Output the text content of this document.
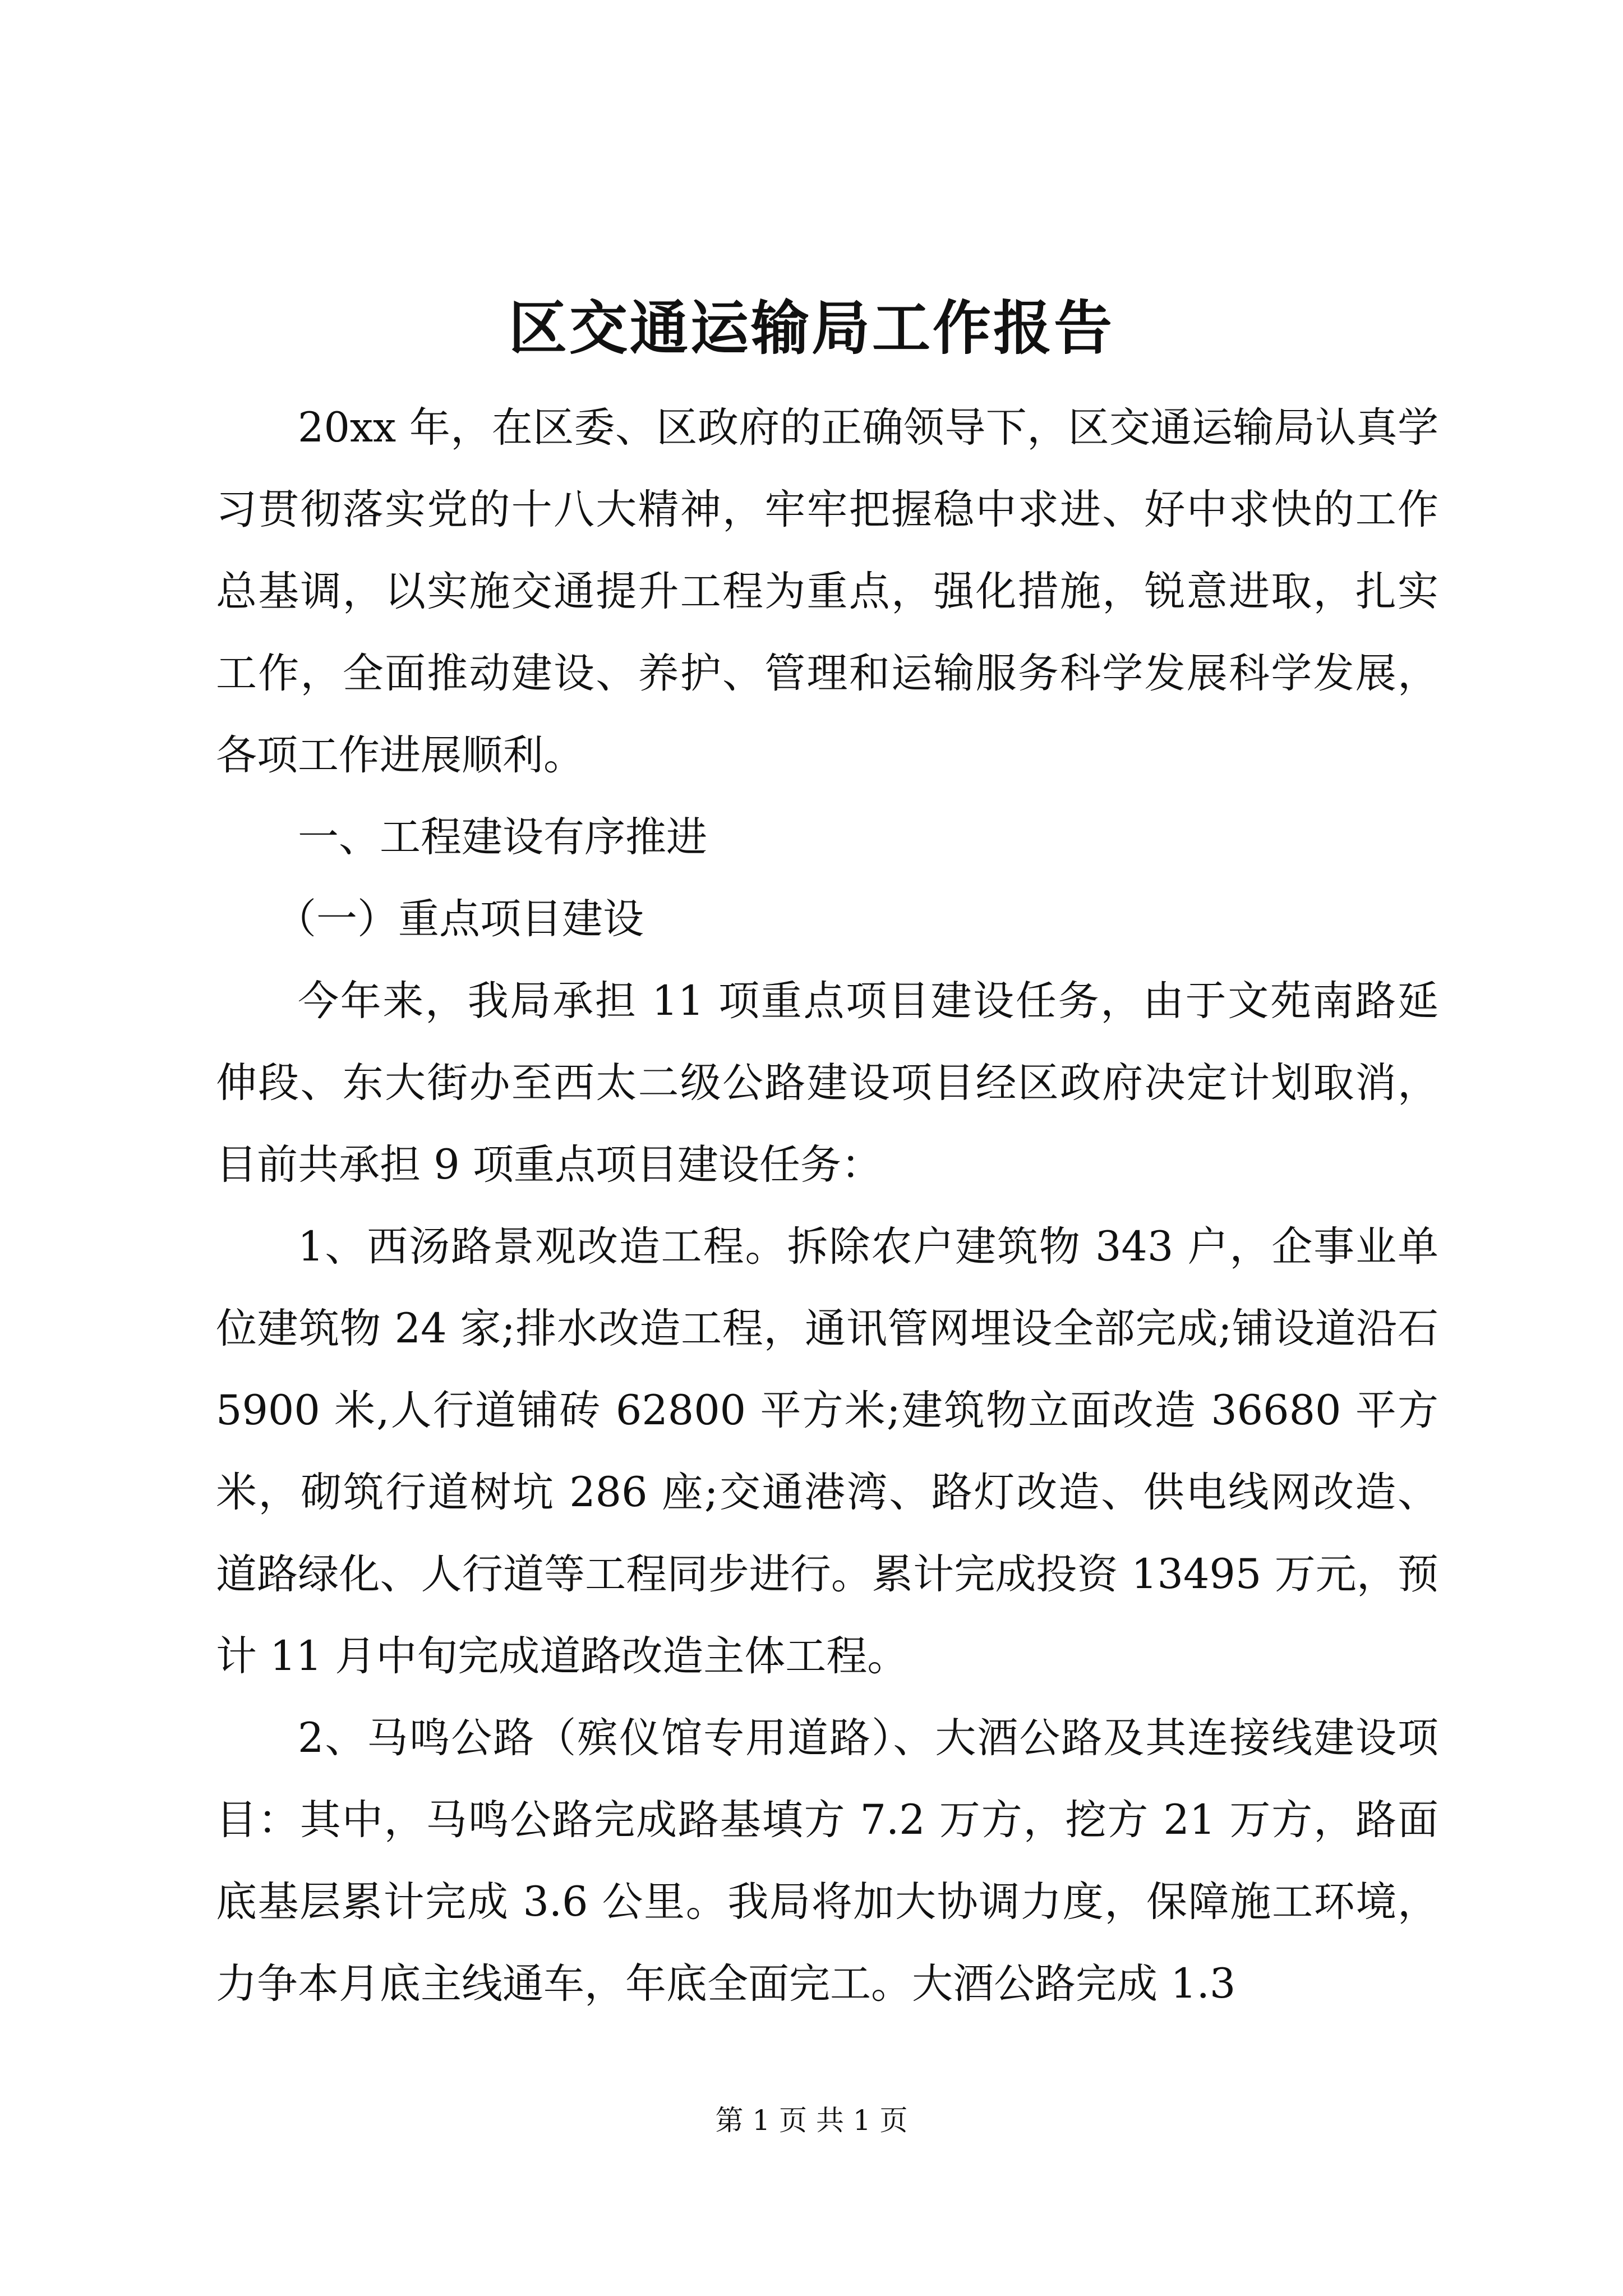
区交通运输局工作报告

20xx 年，在区委、区政府的正确领导下，区交通运输局认真学习贯彻落实党的十八大精神，牢牢把握稳中求进、好中求快的工作总基调，以实施交通提升工程为重点，强化措施，锐意进取，扎实工作，全面推动建设、养护、管理和运输服务科学发展科学发展，各项工作进展顺利。

一、工程建设有序推进

（一）重点项目建设

今年来，我局承担 11 项重点项目建设任务，由于文苑南路延伸段、东大街办至西太二级公路建设项目经区政府决定计划取消，目前共承担 9 项重点项目建设任务：

1、西汤路景观改造工程。拆除农户建筑物 343 户，企事业单位建筑物 24 家;排水改造工程，通讯管网埋设全部完成;铺设道沿石 5900 米,人行道铺砖 62800 平方米;建筑物立面改造 36680 平方米，砌筑行道树坑 286 座;交通港湾、路灯改造、供电线网改造、道路绿化、人行道等工程同步进行。累计完成投资 13495 万元，预计 11 月中旬完成道路改造主体工程。

2、马鸣公路（殡仪馆专用道路）、大酒公路及其连接线建设项目：其中，马鸣公路完成路基填方 7.2 万方，挖方 21 万方，路面底基层累计完成 3.6 公里。我局将加大协调力度，保障施工环境，力争本月底主线通车，年底全面完工。大酒公路完成 1.3

第 1 页 共 1 页
